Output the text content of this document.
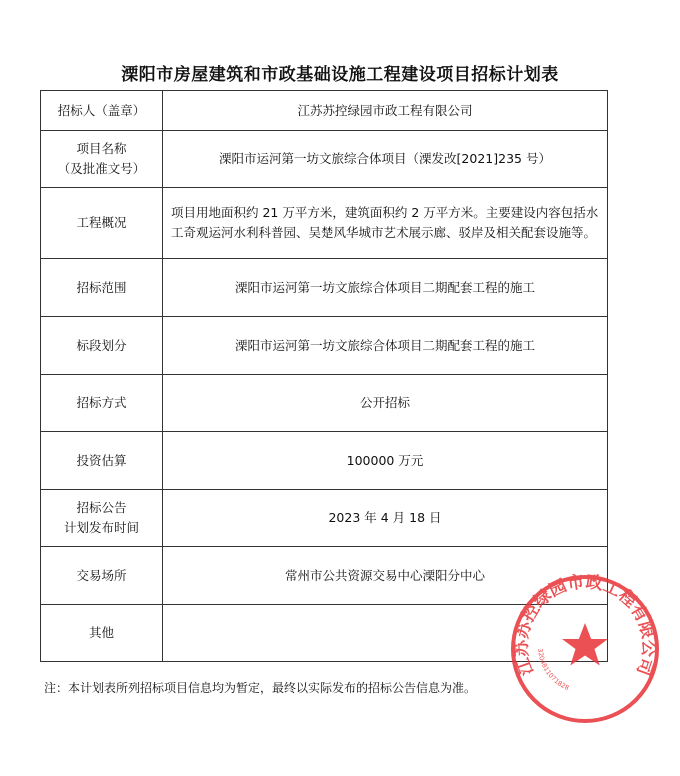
溧阳市房屋建筑和市政基础设施工程建设项目招标计划表
招标人（盖章）	江苏苏控绿园市政工程有限公司

项目名称
（及批准文号）	溧阳市运河第一坊文旅综合体项目（溧发改[2021]235 号）
工程概况	项目用地面积约 21 万平方米，建筑面积约 2 万平方米。主要建设内容包括水工奇观运河水利科普园、吴楚风华城市艺术展示廊、驳岸及相关配套设施等。
招标范围	溧阳市运河第一坊文旅综合体项目二期配套工程的施工
标段划分	溧阳市运河第一坊文旅综合体项目二期配套工程的施工
招标方式	公开招标
投资估算	100000 万元

招标公告
计划发布时间	2023 年 4 月 18 日
交易场所	常州市公共资源交易中心溧阳分中心
其他	
注：本计划表所列招标项目信息均为暂定，最终以实际发布的招标公告信息为准。
江苏苏控绿园市政工程有限公司
3204811071828
